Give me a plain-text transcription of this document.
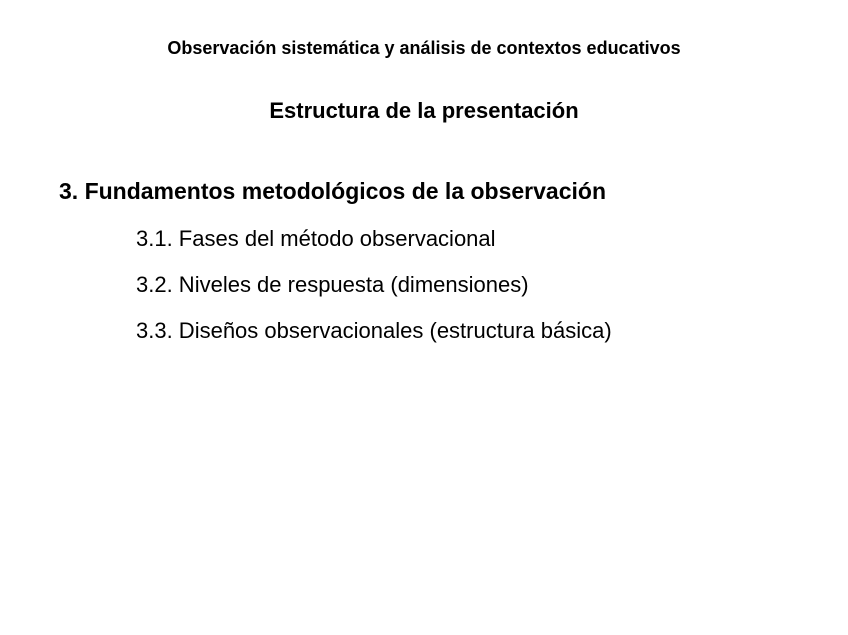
Observación sistemática y análisis de contextos educativos
Estructura de la presentación
3. Fundamentos metodológicos de la observación
3.1. Fases del método observacional
3.2. Niveles de respuesta (dimensiones)
3.3. Diseños observacionales (estructura básica)
